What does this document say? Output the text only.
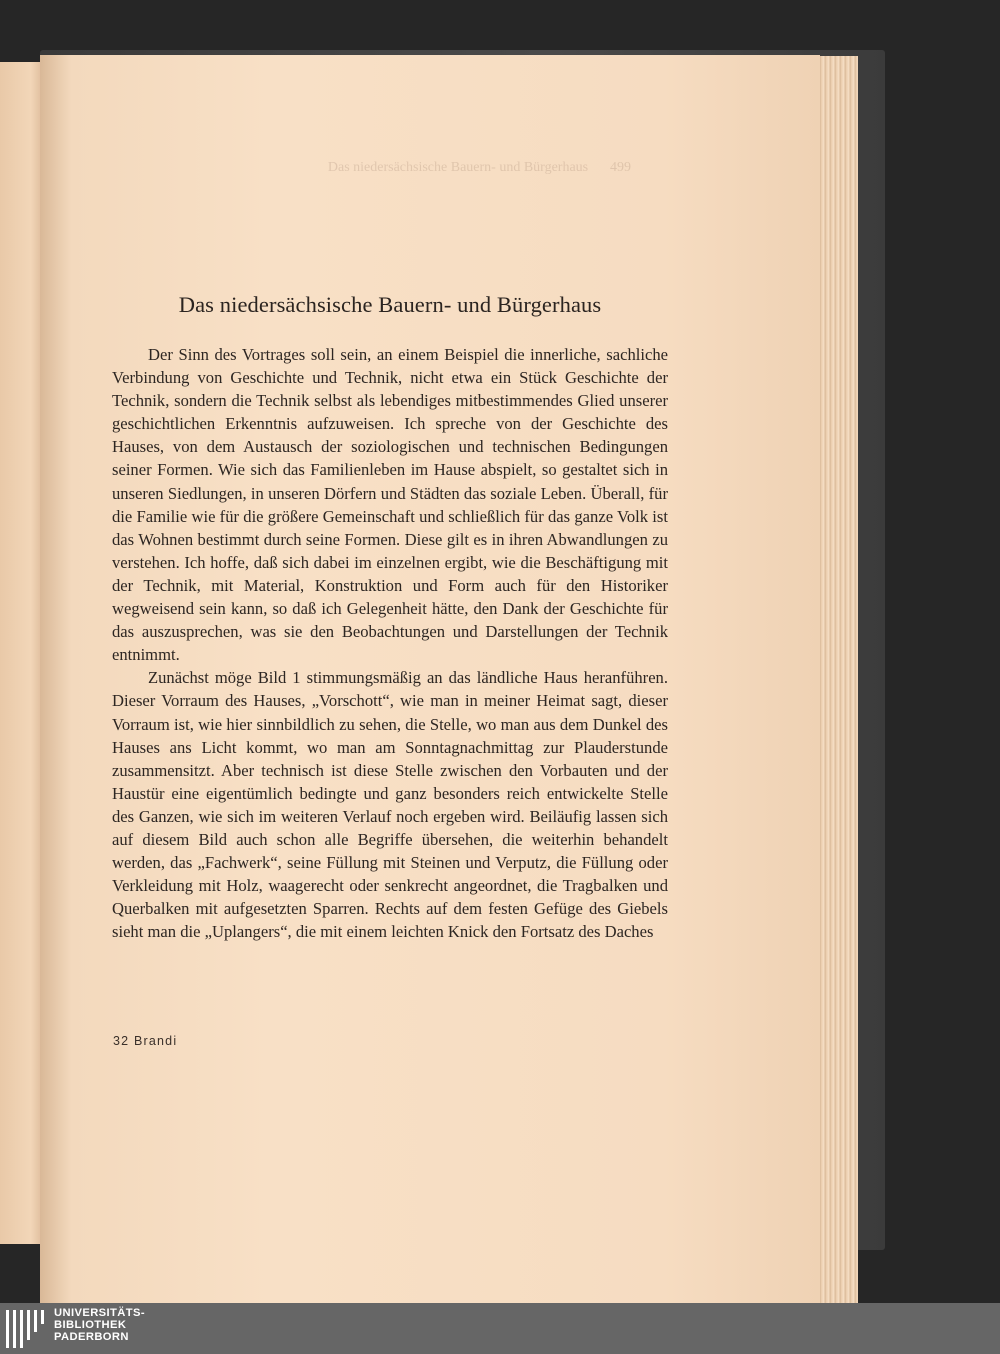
Das niedersächsische Bauern- und Bürgerhaus	499
Das niedersächsische Bauern- und Bürgerhaus

Der Sinn des Vortrages soll sein, an einem Beispiel die innerliche, sachliche Verbindung von Geschichte und Technik, nicht etwa ein Stück Geschichte der Technik, sondern die Technik selbst als lebendiges mitbestimmendes Glied unserer geschichtlichen Erkenntnis aufzuweisen. Ich spreche von der Geschichte des Hauses, von dem Austausch der soziologischen und technischen Bedingungen seiner Formen. Wie sich das Familienleben im Hause abspielt, so gestaltet sich in unseren Siedlungen, in unseren Dörfern und Städten das soziale Leben. Überall, für die Familie wie für die größere Gemeinschaft und schließlich für das ganze Volk ist das Wohnen bestimmt durch seine Formen. Diese gilt es in ihren Abwandlungen zu verstehen. Ich hoffe, daß sich dabei im einzelnen ergibt, wie die Beschäftigung mit der Technik, mit Material, Konstruktion und Form auch für den Historiker wegweisend sein kann, so daß ich Gelegenheit hätte, den Dank der Geschichte für das auszusprechen, was sie den Beobachtungen und Darstellungen der Technik entnimmt.

Zunächst möge Bild 1 stimmungsmäßig an das ländliche Haus heranführen. Dieser Vorraum des Hauses, „Vorschott“, wie man in meiner Heimat sagt, dieser Vorraum ist, wie hier sinnbildlich zu sehen, die Stelle, wo man aus dem Dunkel des Hauses ans Licht kommt, wo man am Sonntagnachmittag zur Plauderstunde zusammensitzt. Aber technisch ist diese Stelle zwischen den Vorbauten und der Haustür eine eigentümlich bedingte und ganz besonders reich entwickelte Stelle des Ganzen, wie sich im weiteren Verlauf noch ergeben wird. Beiläufig lassen sich auf diesem Bild auch schon alle Begriffe übersehen, die weiterhin behandelt werden, das „Fachwerk“, seine Füllung mit Steinen und Verputz, die Füllung oder Verkleidung mit Holz, waagerecht oder senkrecht angeordnet, die Tragbalken und Querbalken mit aufgesetzten Sparren. Rechts auf dem festen Gefüge des Giebels sieht man die „Uplangers“, die mit einem leichten Knick den Fortsatz des Daches

32 Brandi
UNIVERSITÄTS-
BIBLIOTHEK
PADERBORN
